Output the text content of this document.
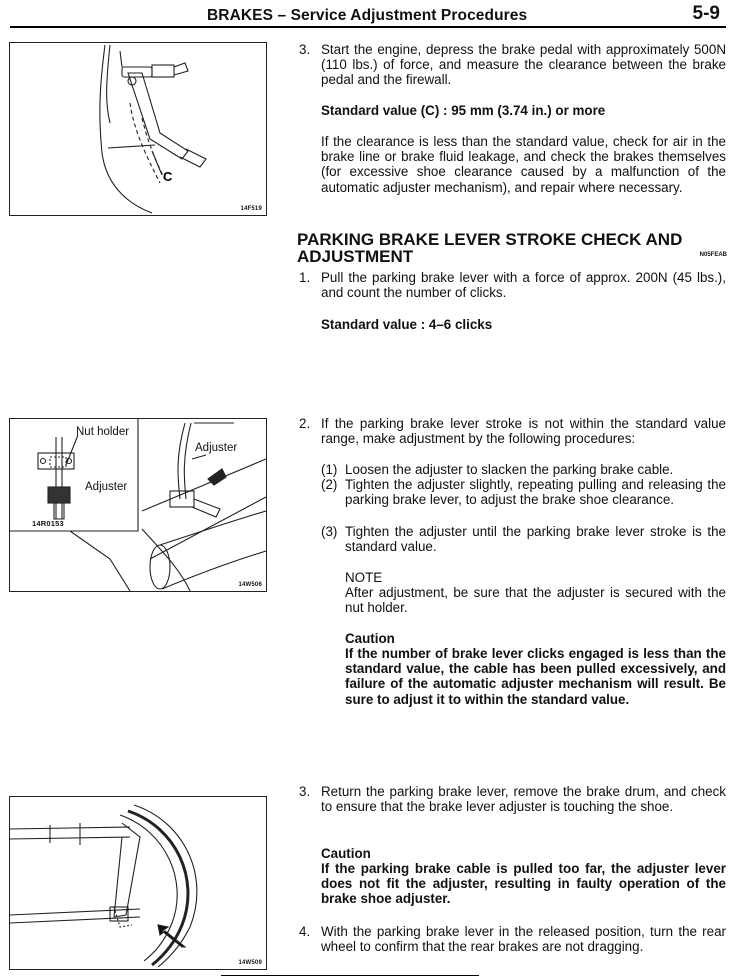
BRAKES – Service Adjustment Procedures	5-9
C
14F519
3. Start the engine, depress the brake pedal with approximately 500N (110 lbs.) of force, and measure the clearance between the brake pedal and the firewall.
Standard value (C) : 95 mm (3.74 in.) or more
If the clearance is less than the standard value, check for air in the brake line or brake fluid leakage, and check the brakes themselves (for excessive shoe clearance caused by a malfunction of the automatic adjuster mechanism), and repair where necessary.
PARKING BRAKE LEVER STROKE CHECK AND ADJUSTMENT	N05FEAB
1. Pull the parking brake lever with a force of approx. 200N (45 lbs.), and count the number of clicks.
Standard value : 4–6 clicks
Nut holder
Adjuster
Adjuster
14R0153
14W506
2. If the parking brake lever stroke is not within the standard value range, make adjustment by the following procedures:
(1) Loosen the adjuster to slacken the parking brake cable.
(2) Tighten the adjuster slightly, repeating pulling and releasing the parking brake lever, to adjust the brake shoe clearance.
(3) Tighten the adjuster until the parking brake lever stroke is the standard value.
NOTE
After adjustment, be sure that the adjuster is secured with the nut holder.
Caution
If the number of brake lever clicks engaged is less than the standard value, the cable has been pulled excessively, and failure of the automatic adjuster mechanism will result. Be sure to adjust it to within the standard value.
14W509
3. Return the parking brake lever, remove the brake drum, and check to ensure that the brake lever adjuster is touching the shoe.
Caution
If the parking brake cable is pulled too far, the adjuster lever does not fit the adjuster, resulting in faulty operation of the brake shoe adjuster.
4. With the parking brake lever in the released position, turn the rear wheel to confirm that the rear brakes are not dragging.
